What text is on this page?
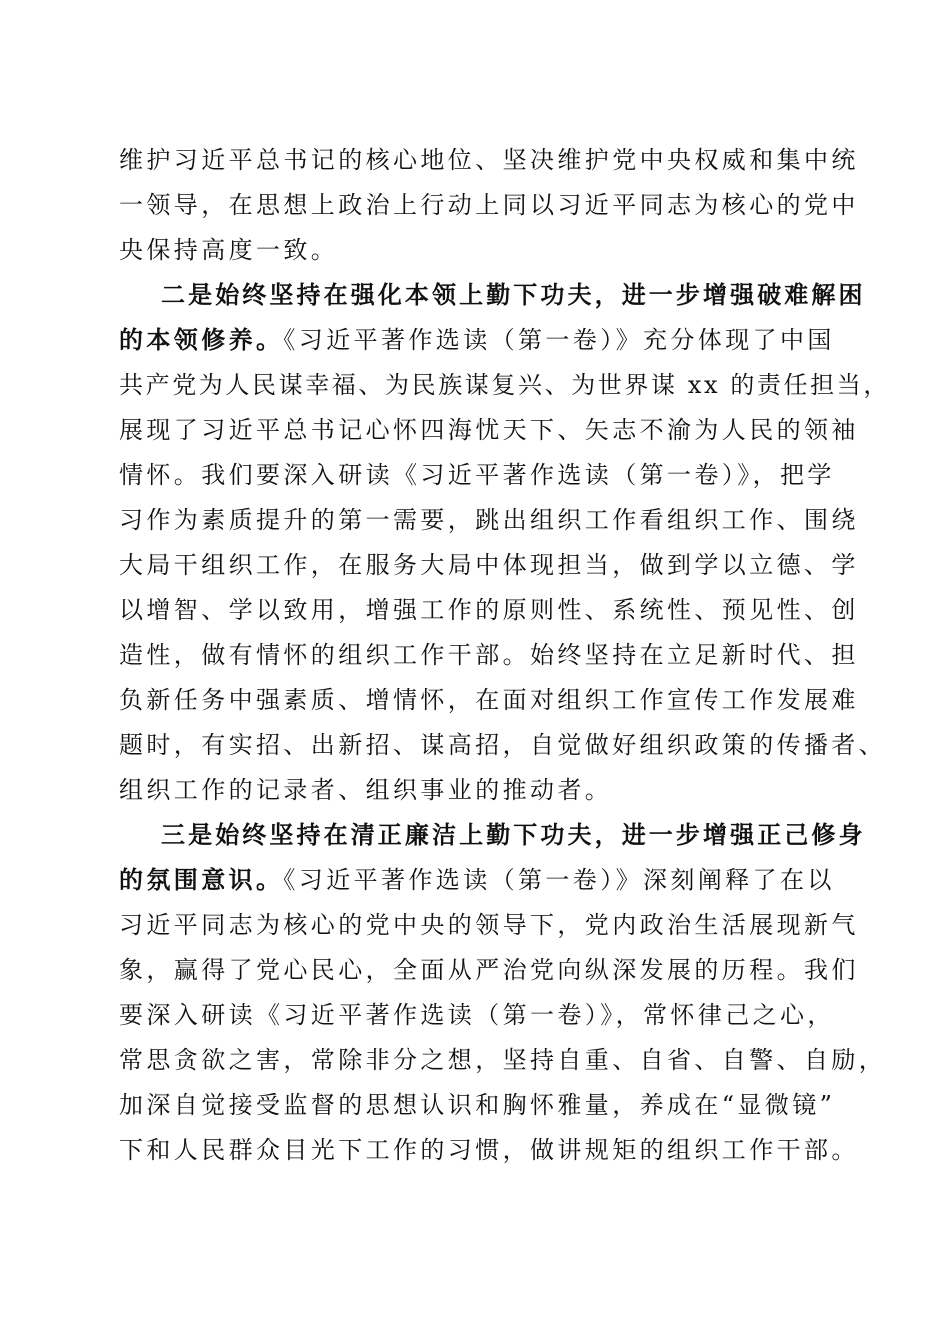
维护习近平总书记的核心地位、坚决维护党中央权威和集中统
一领导，在思想上政治上行动上同以习近平同志为核心的党中
央保持高度一致。
二是始终坚持在强化本领上勤下功夫，进一步增强破难解困
的本领修养。《习近平著作选读（第一卷）》充分体现了中国
共产党为人民谋幸福、为民族谋复兴、为世界谋 xx 的责任担当，
展现了习近平总书记心怀四海忧天下、矢志不渝为人民的领袖
情怀。我们要深入研读《习近平著作选读（第一卷）》，把学
习作为素质提升的第一需要，跳出组织工作看组织工作、围绕
大局干组织工作，在服务大局中体现担当，做到学以立德、学
以增智、学以致用，增强工作的原则性、系统性、预见性、创
造性，做有情怀的组织工作干部。始终坚持在立足新时代、担
负新任务中强素质、增情怀，在面对组织工作宣传工作发展难
题时，有实招、出新招、谋高招，自觉做好组织政策的传播者、
组织工作的记录者、组织事业的推动者。
三是始终坚持在清正廉洁上勤下功夫，进一步增强正己修身
的氛围意识。《习近平著作选读（第一卷）》深刻阐释了在以
习近平同志为核心的党中央的领导下，党内政治生活展现新气
象，赢得了党心民心，全面从严治党向纵深发展的历程。我们
要深入研读《习近平著作选读（第一卷）》，常怀律己之心，
常思贪欲之害，常除非分之想，坚持自重、自省、自警、自励，
加深自觉接受监督的思想认识和胸怀雅量，养成在“显微镜”
下和人民群众目光下工作的习惯，做讲规矩的组织工作干部。
